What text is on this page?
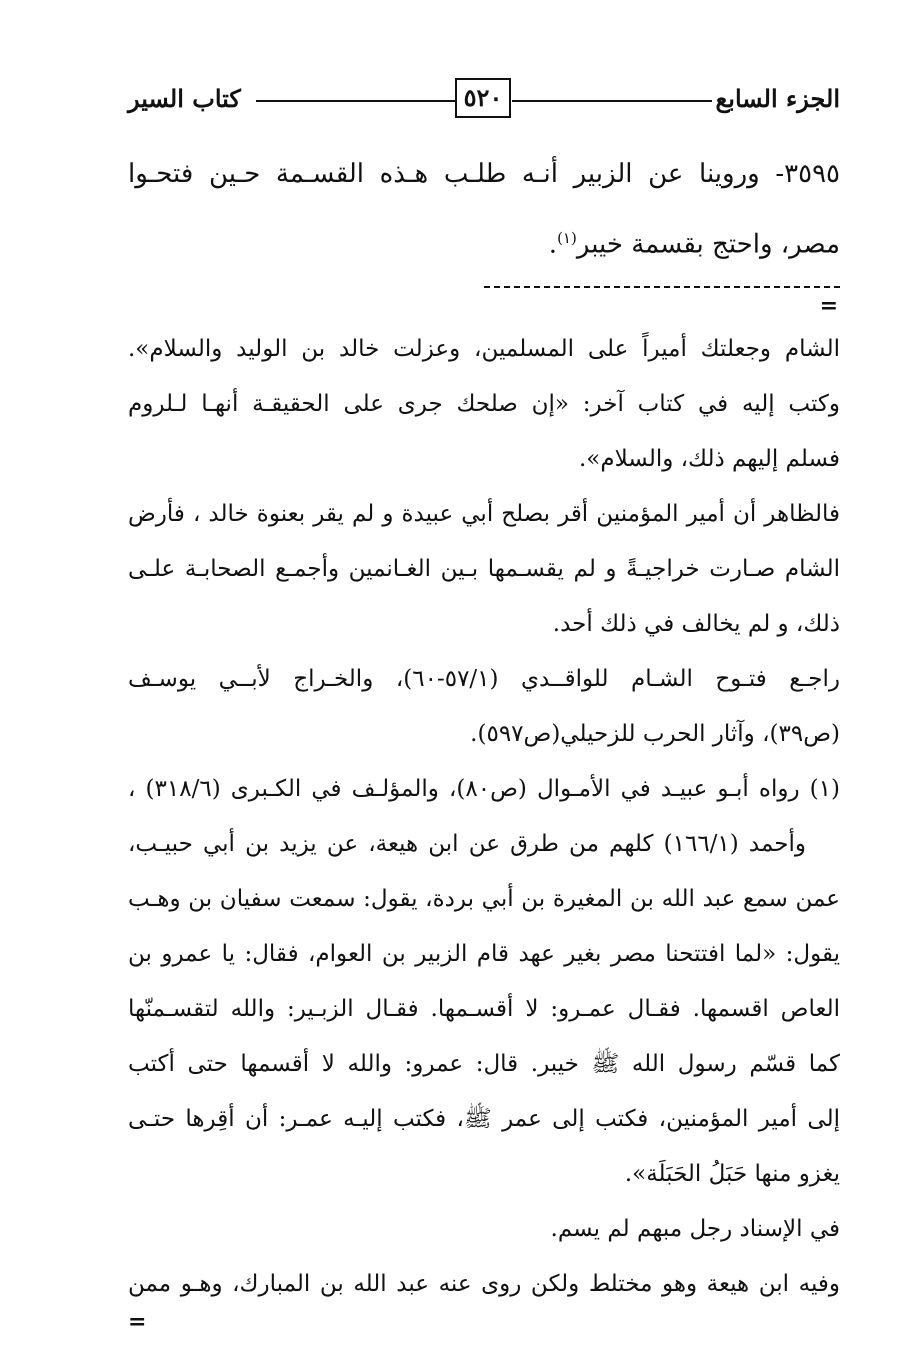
الجزء السابع
٥٢٠
كتاب السير
٣٥٩٥- وروينا عن الزبير أنـه طلـب هـذه القسـمة حـين فتحـوا
مصر، واحتج بقسمة خيبر$^{(١)}$.
=
الشام وجعلتك أميراً على المسلمين، وعزلت خالد بن الوليد والسلام».
وكتب إليه في كتاب آخر: «إن صلحك جرى على الحقيقـة أنهـا لـلروم
فسلم إليهم ذلك، والسلام».
فالظاهر أن أمير المؤمنين أقر بصلح أبي عبيدة و لم يقر بعنوة خالد ، فأرض
الشام صـارت خراجيـةً و لم يقسـمها بـين الغـانمين وأجمـع الصحابـة علـى
ذلك، و لم يخالف في ذلك أحد.
راجـع فتـوح الشـام للواقــدي (٥٧/١-٦٠)، والخـراج لأبــي يوسـف
(ص٣٩)، وآثار الحرب للزحيلي(ص٥٩٧).
(١) رواه أبـو عبيـد في الأمـوال (ص٨٠)، والمؤلـف في الكـبرى (٣١٨/٦) ،
وأحمد (١٦٦/١) كلهم من طرق عن ابن هيعة، عن يزيد بن أبي حبيـب،
عمن سمع عبد الله بن المغيرة بن أبي بردة، يقول: سمعت سفيان بن وهـب
يقول: «لما افتتحنا مصر بغير عهد قام الزبير بن العوام، فقال: يا عمرو بن
العاص اقسمها. فقـال عمـرو: لا أقسـمها. فقـال الزبـير: والله لتقسـمنّها
كما قسّم رسول الله ﷺ خيبر. قال: عمرو: والله لا أقسمها حتى أكتب
إلى أمير المؤمنين، فكتب إلى عمر ﷺ، فكتب إليـه عمـر: أن أقِرها حتـى
يغزو منها حَبَلُ الحَبَلَة».
في الإسناد رجل مبهم لم يسم.
وفيه ابن هيعة وهو مختلط ولكن روى عنه عبد الله بن المبارك، وهـو ممن
=
